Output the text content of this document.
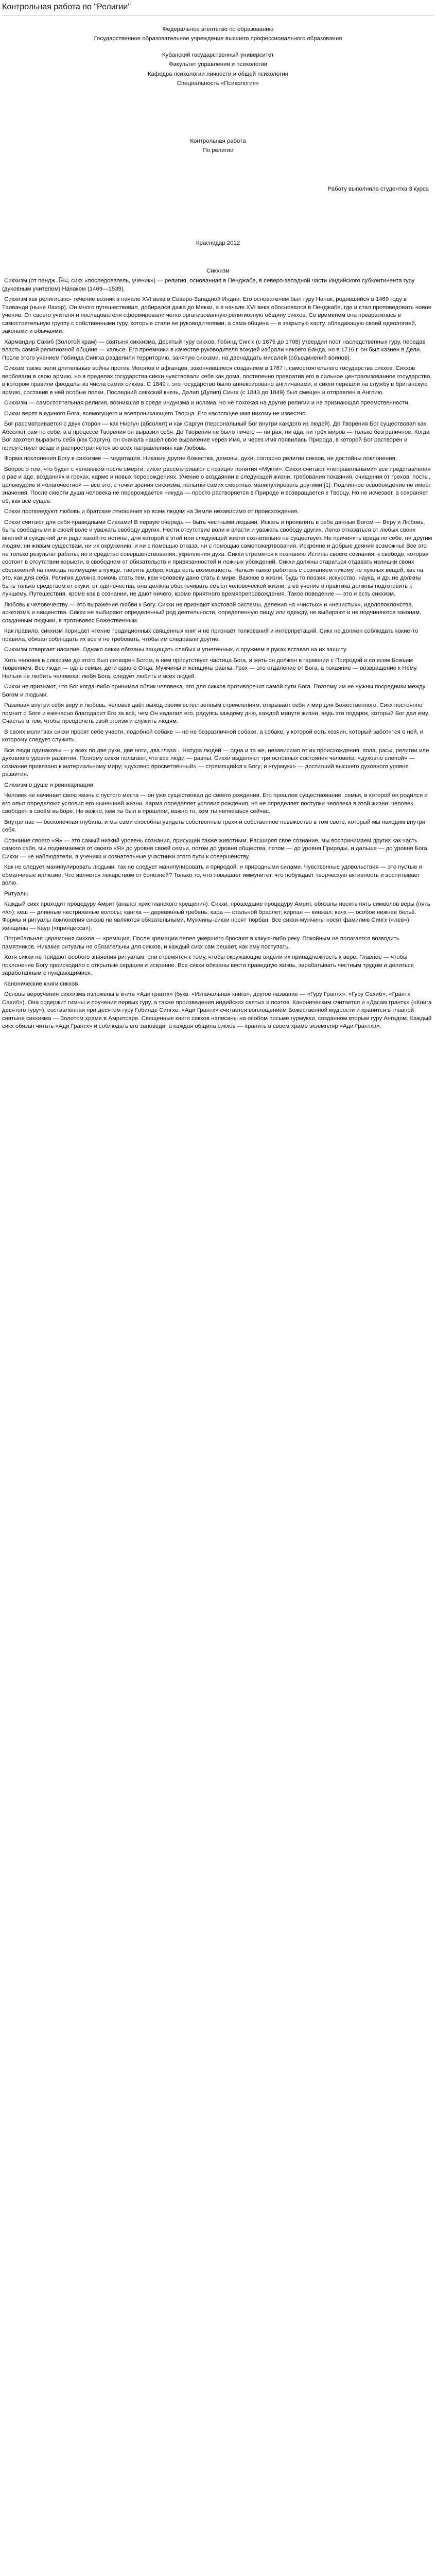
Контрольная работа по "Религии"
Федеральное агентство по образованию
Государственное образовательное учреждение высшего профессионального образования
Кубанский государственный университет
Факультет управления и психологии
Кафедра психологии личности и общей психологии
Специальность «Психология»
Контрольная работа
По религии
Работу выполнила студентка 3 курса
Краснодар 2012
Сикхизм

Сикхизм (от пендж. ਸਿੱਖ, сикх «последователь, ученик») — религия, основанная в Пенджабе, в северо-западной части Индийского субконтинента гуру (духовным учителем) Нанаком (1469—1539).

Сикхизм как религиозно- течение возник в начале XVI века в Северо-Западной Индии. Его основателем был гуру Нанак, родившийся в 1469 году в Талванди (ныне Лахор). Он много путешествовал, добирался даже до Мекки, а в начале XVI века обосновался в Пенджабе, где и стал проповедовать новое учение. От своего учителя и последователя сформировали четко организованную религиозную общину сикхов. Со временем она превратилась в самостоятельную группу с собственными гуру, которые стали ее руководителями, а сама община — в закрытую касту, обладающую своей идеологией, законами и обычаями.

Хармандир Сахиб (Золотой храм) — святыня сикхизма, Десятый гуру сикхов, Гобинд Сингх (с 1675 до 1708) утвердил пост наследственных гуру, передав власть самой религиозной общине — хальсе. Его преемники в качестве руководителя вождей избрали некоего Банда, но в 1716 г. он был казнен в Дели. После этого учением Гобинда Сингха разделили территорию, занятую сикхами, на двенадцать мисалей (объединений воинов).

Сикхам также вели длительные войны против Моголов и афганцев, закончившиеся созданием в 1767 г. самостоятельного государства сикхов. Сикхов вербовали в свою армию, но в пределах государства сикхи чувствовали себя как дома, постепенно превратив его в сильное централизованное государство, в котором правили феодалы из числа самих сикхов. С 1849 г. это государство было аннексировано англичанами, и сикхи перешли на службу в британскую армию, составив в ней особые полки. Последний сикхский князь, Далип (Дулип) Сингх (с 1843 до 1849) был смещен и отправлен в Англию.

Сикхизм — самостоятельная религия, возникшая в среде индуизма и ислама, но не похожая на другие религии и не признающая преемственности.

Сикхи верят в единого Бога, всемогущего и всепроникающего Творца. Его настоящее имя никому не известно.

Бог рассматривается с двух сторон — как Ниргун (абсолют) и как Саргун (персональный Бог внутри каждого из людей). До Творения Бог существовал как Абсолют сам по себе, а в процессе Творения он выразил себя. До Творения не было ничего — ни рая, ни ада, ни трёх миров — только безграничное. Когда Бог захотел выразить себя (как Саргун), он сначала нашёл свое выражение через Имя, и через Имя появилась Природа, в которой Бог растворен и присутствует везде и распространяется во всех направлениях как Любовь.

Форма поклонения Богу в сикхизме — медитация. Никакие другие божества, демоны, духи, согласно религии сикхов, не достойны поклонения.

Вопрос о том, что будет с человеком после смерти, сикхи рассматривают с позиции понятия «Мукти». Сикхи считают «неправильными» все представления о рае и аде, возданиях и грехах, карме и новых перерождениях. Учение о воздаянии в следующей жизни, требования покаяния, очищения от грехов, посты, целомудрие и «благочестие» — всё это, с точки зрения сикхизма, попытки самих смертных манипулировать другими [1]. Подлинное освобождение не имеет значения. После смерти душа человека не перерождается никуда — просто растворяется в Природе и возвращается к Творцу. Но не исчезает, а сохраняет её, как всё сущее.

Сикхи проповедуют любовь и братские отношения ко всем людям на Земле независимо от происхождения.

Сикхи считают для себя праведными Сикхами! В первую очередь — быть честными людьми. Искать и проявлять в себе данные Богом — Веру и Любовь, быть свободными в своей воле и уважать свободу других. Нести отсутствие воли и власти и уважать свободу других. Легко отказаться от любых своих мнений и суждений для ради какой-то истины, для которой в этой или следующей жизни сознательно не существует. Не причинять вреда ни себе, ни другим людям, ни живым существам, ни их окружению, и ни с помощью отказа, ни с помощью самопожертвования. Искренне и добрые деяния возможны! Все это не только результат работы, но и средство совершенствования, укрепления духа. Сикхи стремятся к познанию Истины своего сознания, к свободе, которая состоит в отсутствии корысти, в свободном от обязательств и привязанностей и ложных убеждений. Сикхи должны стараться отдавать излишки своих сбережений на помощь неимущим в нужде, творить добро, когда есть возможность. Нельзя также работать с сознанием никому не нужных вещей, как на это, как для себя. Религия должна помочь стать тем, кем человеку дано стать в мире. Важное в жизни, будь то поэзия, искусство, наука, и др. не должны быть только средством от скуки, от одиночества, она должна обеспечивать смысл человеческой жизни, а её учение и практика должны подготовить к лучшему. Путешествия, кроме как в сознании, не дают ничего, кроме приятного времяпрепровождения. Такое поведение — это и есть сикхизм.

Любовь к человечеству — это выражение любви к Богу. Сикхи не признают кастовой системы, деления на «чистых» и «нечистых», идолопоклонства, аскетизма и нищенства. Сикхи не выбирают определенный род деятельности, определенную пищу или одежду, не выбирают и не подчиняются законам, созданным людьми, в противовес Божественным.

Как правило, сикхизм порицает чтение традиционных священных книг и не признаёт толкований и интерпретаций. Сикх не должен соблюдать какие-то правила, обязан соблюдать их все и не требовать, чтобы им следовали другие.

Сикхизм отвергает насилие. Однако сикхи обязаны защищать слабых и угнетённых, с оружием в руках вставая на их защиту.

Хоть человек в сикхизме до этого был сотворен Богом, в нём присутствует частица Бога, и жить он должен в гармонии с Природой и со всем Божьим творением. Все люди — одна семья, дети одного Отца. Мужчины и женщины равны. Грех — это отдаление от Бога, а покаяние — возвращение к Нему. Нельзя не любить человека: любя Бога, следует любить и всех людей.

Сикхи не признают, что Бог когда-либо принимал облик человека, это для сикхов противоречит самой сути Бога. Поэтому им не нужны посредники между Богом и людьми.

Развивая внутри себя веру и любовь, человек даёт выход своим естественным стремлениям, открывает себя и мир для Божественного. Сикх постоянно помнит о Боге и ежечасно благодарит Его за всё, чем Он наделил его, радуясь каждому дню, каждой минуте жизни, ведь это подарок, который Бог дал ему. Счастье в том, чтобы преодолеть свой эгоизм и служить людям.

В своих молитвах сикхи просят себе участи, подобной собаке — но не безразличной собаке, а собаке, у которой есть хозяин, который заботится о ней, и которому следует служить.

Все люди одинаковы — у всех по две руки, две ноги, два глаза... Натура людей — одна и та же, независимо от их происхождения, пола, расы, религии или духовного уровня развития. Поэтому сикхи полагают, что все люди — равны. Сикхи выделяют три основных состояния человека: «духовно слепой» — сознание привязано к материальному миру; «духовно просветлённый» — стремящийся к Богу; и «гурмукх» — достигший высшего духовного уровня развития.

Сикхизм о душе и реинкарнации

Человек не начинает свою жизнь с пустого места — он уже существовал до своего рождения. Его прошлое существование, семья, в которой он родился и его опыт определяют условия его нынешней жизни. Карма определяет условия рождения, но не определяет поступки человека в этой жизни: человек свободен в своём выборе. Не важно, кем ты был в прошлом, важно то, кем ты являешься сейчас.

Внутри нас — бесконечная глубина, и мы сами способны увидеть собственные грехи и собственное невежество в том свете, который мы находим внутри себя.

Сознание своего «Я» — это самый низкий уровень сознания, присущий также животным. Расширяя свое сознание, мы воспринимаем других как часть самого себя, мы поднимаемся от своего «Я» до уровня своей семьи, потом до уровня общества, потом — до уровня Природы, и дальше — до уровня Бога. Сикхи — не наблюдатели, а ученики и сознательные участники этого пути к совершенству.

Как не следует манипулировать людьми, так не следует манипулировать и природой, и природными силами. Чувственные удовольствия — это пустые и обманчивые иллюзии. Что является лекарством от болезней? Только то, что повышает иммунитет, что побуждает творческую активность и воспитывает волю.

Ритуалы

Каждый сикх проходит процедуру Амрит (аналог христианского крещения). Сикхи, прошедшие процедуру Амрит, обязаны носить пять символов веры (пять «К»): кеш — длинные нестриженые волосы; кангха — деревянный гребень; кара — стальной браслет; кирпан — кинжал; качх — особое нижнее бельё. Формы и ритуалы поклонения сикхов не являются обязательными. Мужчины-сикхи носят тюрбан. Все сикхи-мужчины носят фамилию Сингх («лев»), женщины — Каур («принцесса»).

Погребальная церемония сикхов — кремация. После кремации пепел умершего бросают в какую-либо реку. Покойным не полагается возводить памятников. Никакие ритуалы не обязательны для сикхов, и каждый сикх сам решает, как ему поступать.

Хотя сикхи не придают особого значения ритуалам, они стремятся к тому, чтобы окружающие видели их принадлежность к вере. Главное — чтобы поклонение Богу происходило с открытым сердцем и искренне. Все сикхи обязаны вести праведную жизнь, зарабатывать честным трудом и делиться заработанным с нуждающимися.

Канонические книги сикхов

Основы вероучения сикхизма изложены в книге «Ади грантх» (букв. «Изначальная книга», другое название — «Гуру Грантх», «Гуру Сахиб», «Грантх Сахиб»). Она содержит гимны и поучения первых гуру, а также произведения индийских святых и поэтов. Каноническим считается и «Дасам грантх» («Книга десятого гуру»), составленная при десятом гуру Гобинде Сингхе. «Ади Грантх» считается воплощением Божественной мудрости и хранится в главной святыне сикхизма — Золотом храме в Амритсаре. Священные книги сикхов написаны на особом письме гурмукхи, созданном вторым гуру Ангадом. Каждый сикх обязан читать «Ади Грантх» и соблюдать его заповеди, а каждая община сикхов — хранить в своем храме экземпляр «Ади Грантха».
